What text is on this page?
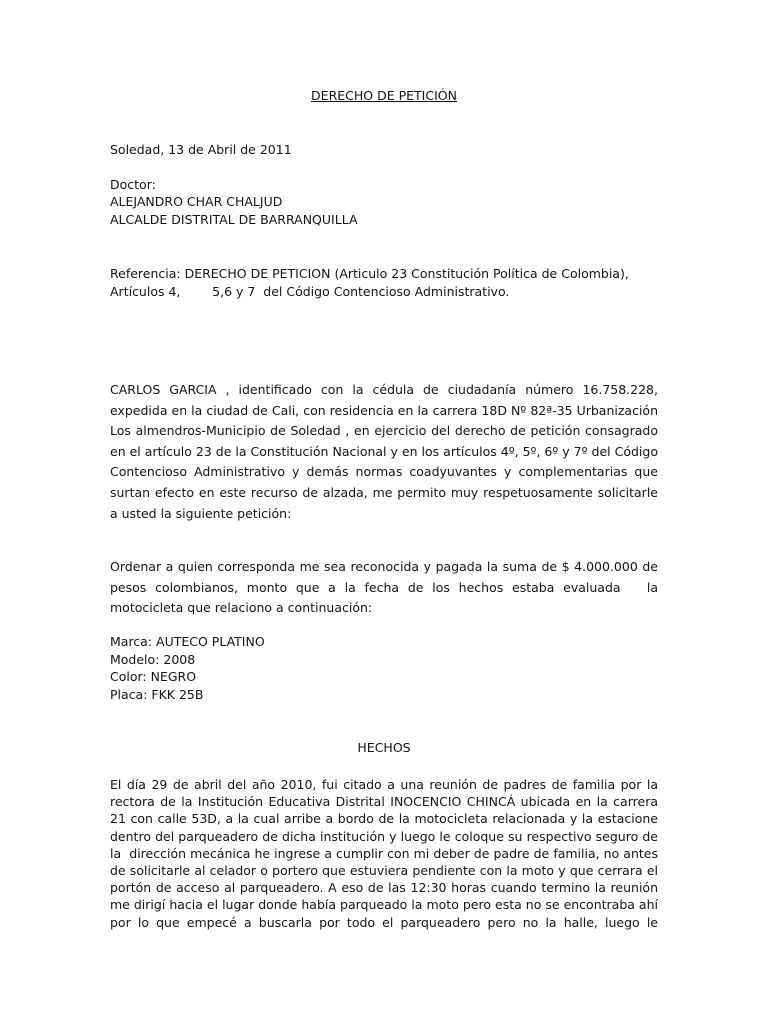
DERECHO DE PETICIÓN
Soledad, 13 de Abril de 2011
Doctor:
ALEJANDRO CHAR CHALJUD
ALCALDE DISTRITAL DE BARRANQUILLA
Referencia: DERECHO DE PETICION (Articulo 23 Constitución Política de Colombia),
Artículos 4,        5,6 y 7  del Código Contencioso Administrativo.
CARLOS GARCIA , identificado con la cédula de ciudadanía número 16.758.228,
expedida en la ciudad de Cali, con residencia en la carrera 18D Nº 82ª-35 Urbanización
Los almendros-Municipio de Soledad , en ejercicio del derecho de petición consagrado
en el artículo 23 de la Constitución Nacional y en los artículos 4º, 5º, 6º y 7º del Código
Contencioso Administrativo y demás normas coadyuvantes y complementarias que
surtan efecto en este recurso de alzada, me permito muy respetuosamente solicitarle
a usted la siguiente petición:
Ordenar a quien corresponda me sea reconocida y pagada la suma de $ 4.000.000 de
pesos colombianos, monto que a la fecha de los hechos estaba evaluada   la
motocicleta que relaciono a continuación:
Marca: AUTECO PLATINO
Modelo: 2008
Color: NEGRO
Placa: FKK 25B
HECHOS
El día 29 de abril del año 2010, fui citado a una reunión de padres de familia por la
rectora de la Institución Educativa Distrital INOCENCIO CHINCÁ ubicada en la carrera
21 con calle 53D, a la cual arribe a bordo de la motocicleta relacionada y la estacione
dentro del parqueadero de dicha institución y luego le coloque su respectivo seguro de
la  dirección mecánica he ingrese a cumplir con mi deber de padre de familia, no antes
de solicitarle al celador o portero que estuviera pendiente con la moto y que cerrara el
portón de acceso al parqueadero. A eso de las 12:30 horas cuando termino la reunión
me dirigí hacia el lugar donde había parqueado la moto pero esta no se encontraba ahí
por lo que empecé a buscarla por todo el parqueadero pero no la halle, luego le
